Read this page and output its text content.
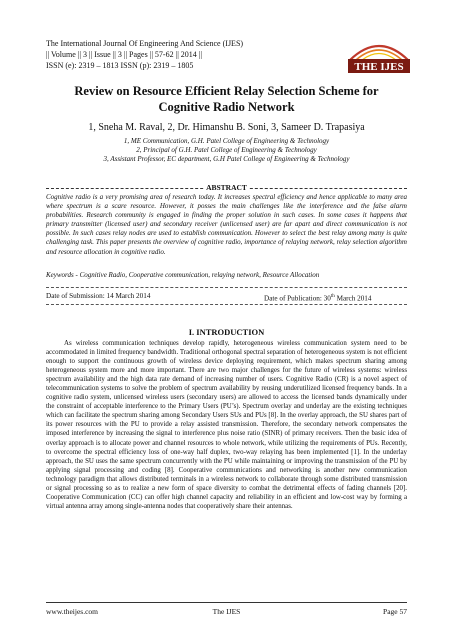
The International Journal Of Engineering And Science (IJES)
|| Volume || 3 || Issue || 3 || Pages || 57-62 || 2014 ||
ISSN (e): 2319 – 1813 ISSN (p): 2319 – 1805	THE IJES
Review on Resource Efficient Relay Selection Scheme for
Cognitive Radio Network
1, Sneha M. Raval, 2, Dr. Himanshu B. Soni, 3, Sameer D. Trapasiya
1, ME Communication, G.H. Patel College of Engineering & Technology
2, Principal of G.H. Patel College of Engineering & Technology
3, Assistant Professor, EC department, G.H Patel College of Engineering & Technology
ABSTRACT
Cognitive radio is a very promising area of research today. It increases spectral efficiency and hence applicable to many area where spectrum is a scare resource. However, it posses the main challenges like the interference and the false alarm probabilities. Research community is engaged in finding the proper solution in such cases. In some cases it happens that primary transmitter (licensed user) and secondary receiver (unlicensed user) are far apart and direct communication is not possible. In such cases relay nodes are used to establish communication. However to select the best relay among many is quite challenging task. This paper presents the overview of cognitive radio, importance of relaying network, relay selection algorithm and resource allocation in cognitive radio.
Keywords - Cognitive Radio, Cooperative communication, relaying network, Resource Allocation
Date of Submission: 14 March 2014	Date of Publication: 30th March 2014
I. INTRODUCTION

As wireless communication techniques develop rapidly, heterogeneous wireless communication system need to be accommodated in limited frequency bandwidth. Traditional orthogonal spectral separation of heterogeneous system is not efficient enough to support the continuous growth of wireless device deploying requirement, which makes spectrum sharing among heterogeneous system more and more important. There are two major challenges for the future of wireless systems: wireless spectrum availability and the high data rate demand of increasing number of users. Cognitive Radio (CR) is a novel aspect of telecommunication systems to solve the problem of spectrum availability by reusing underutilized licensed frequency bands. In a cognitive radio system, unlicensed wireless users (secondary users) are allowed to access the licensed bands dynamically under the constraint of acceptable interference to the Primary Users (PU’s). Spectrum overlay and underlay are the existing techniques which can facilitate the spectrum sharing among Secondary Users SUs and PUs [8]. In the overlay approach, the SU shares part of its power resources with the PU to provide a relay assisted transmission. Therefore, the secondary network compensates the imposed interference by increasing the signal to interference plus noise ratio (SINR) of primary receivers. Then the basic idea of overlay approach is to allocate power and channel resources to whole network, while utilizing the requirements of PUs. Recently, to overcome the spectral efficiency loss of one-way half duplex, two-way relaying has been implemented [1]. In the underlay approach, the SU uses the same spectrum concurrently with the PU while maintaining or improving the transmission of the PU by applying signal processing and coding [8]. Cooperative communications and networking is another new communication technology paradigm that allows distributed terminals in a wireless network to collaborate through some distributed transmission or signal processing so as to realize a new form of space diversity to combat the detrimental effects of fading channels [20]. Cooperative Communication (CC) can offer high channel capacity and reliability in an efficient and low-cost way by forming a virtual antenna array among single-antenna nodes that cooperatively share their antennas.

www.theijes.com	The IJES	Page 57
